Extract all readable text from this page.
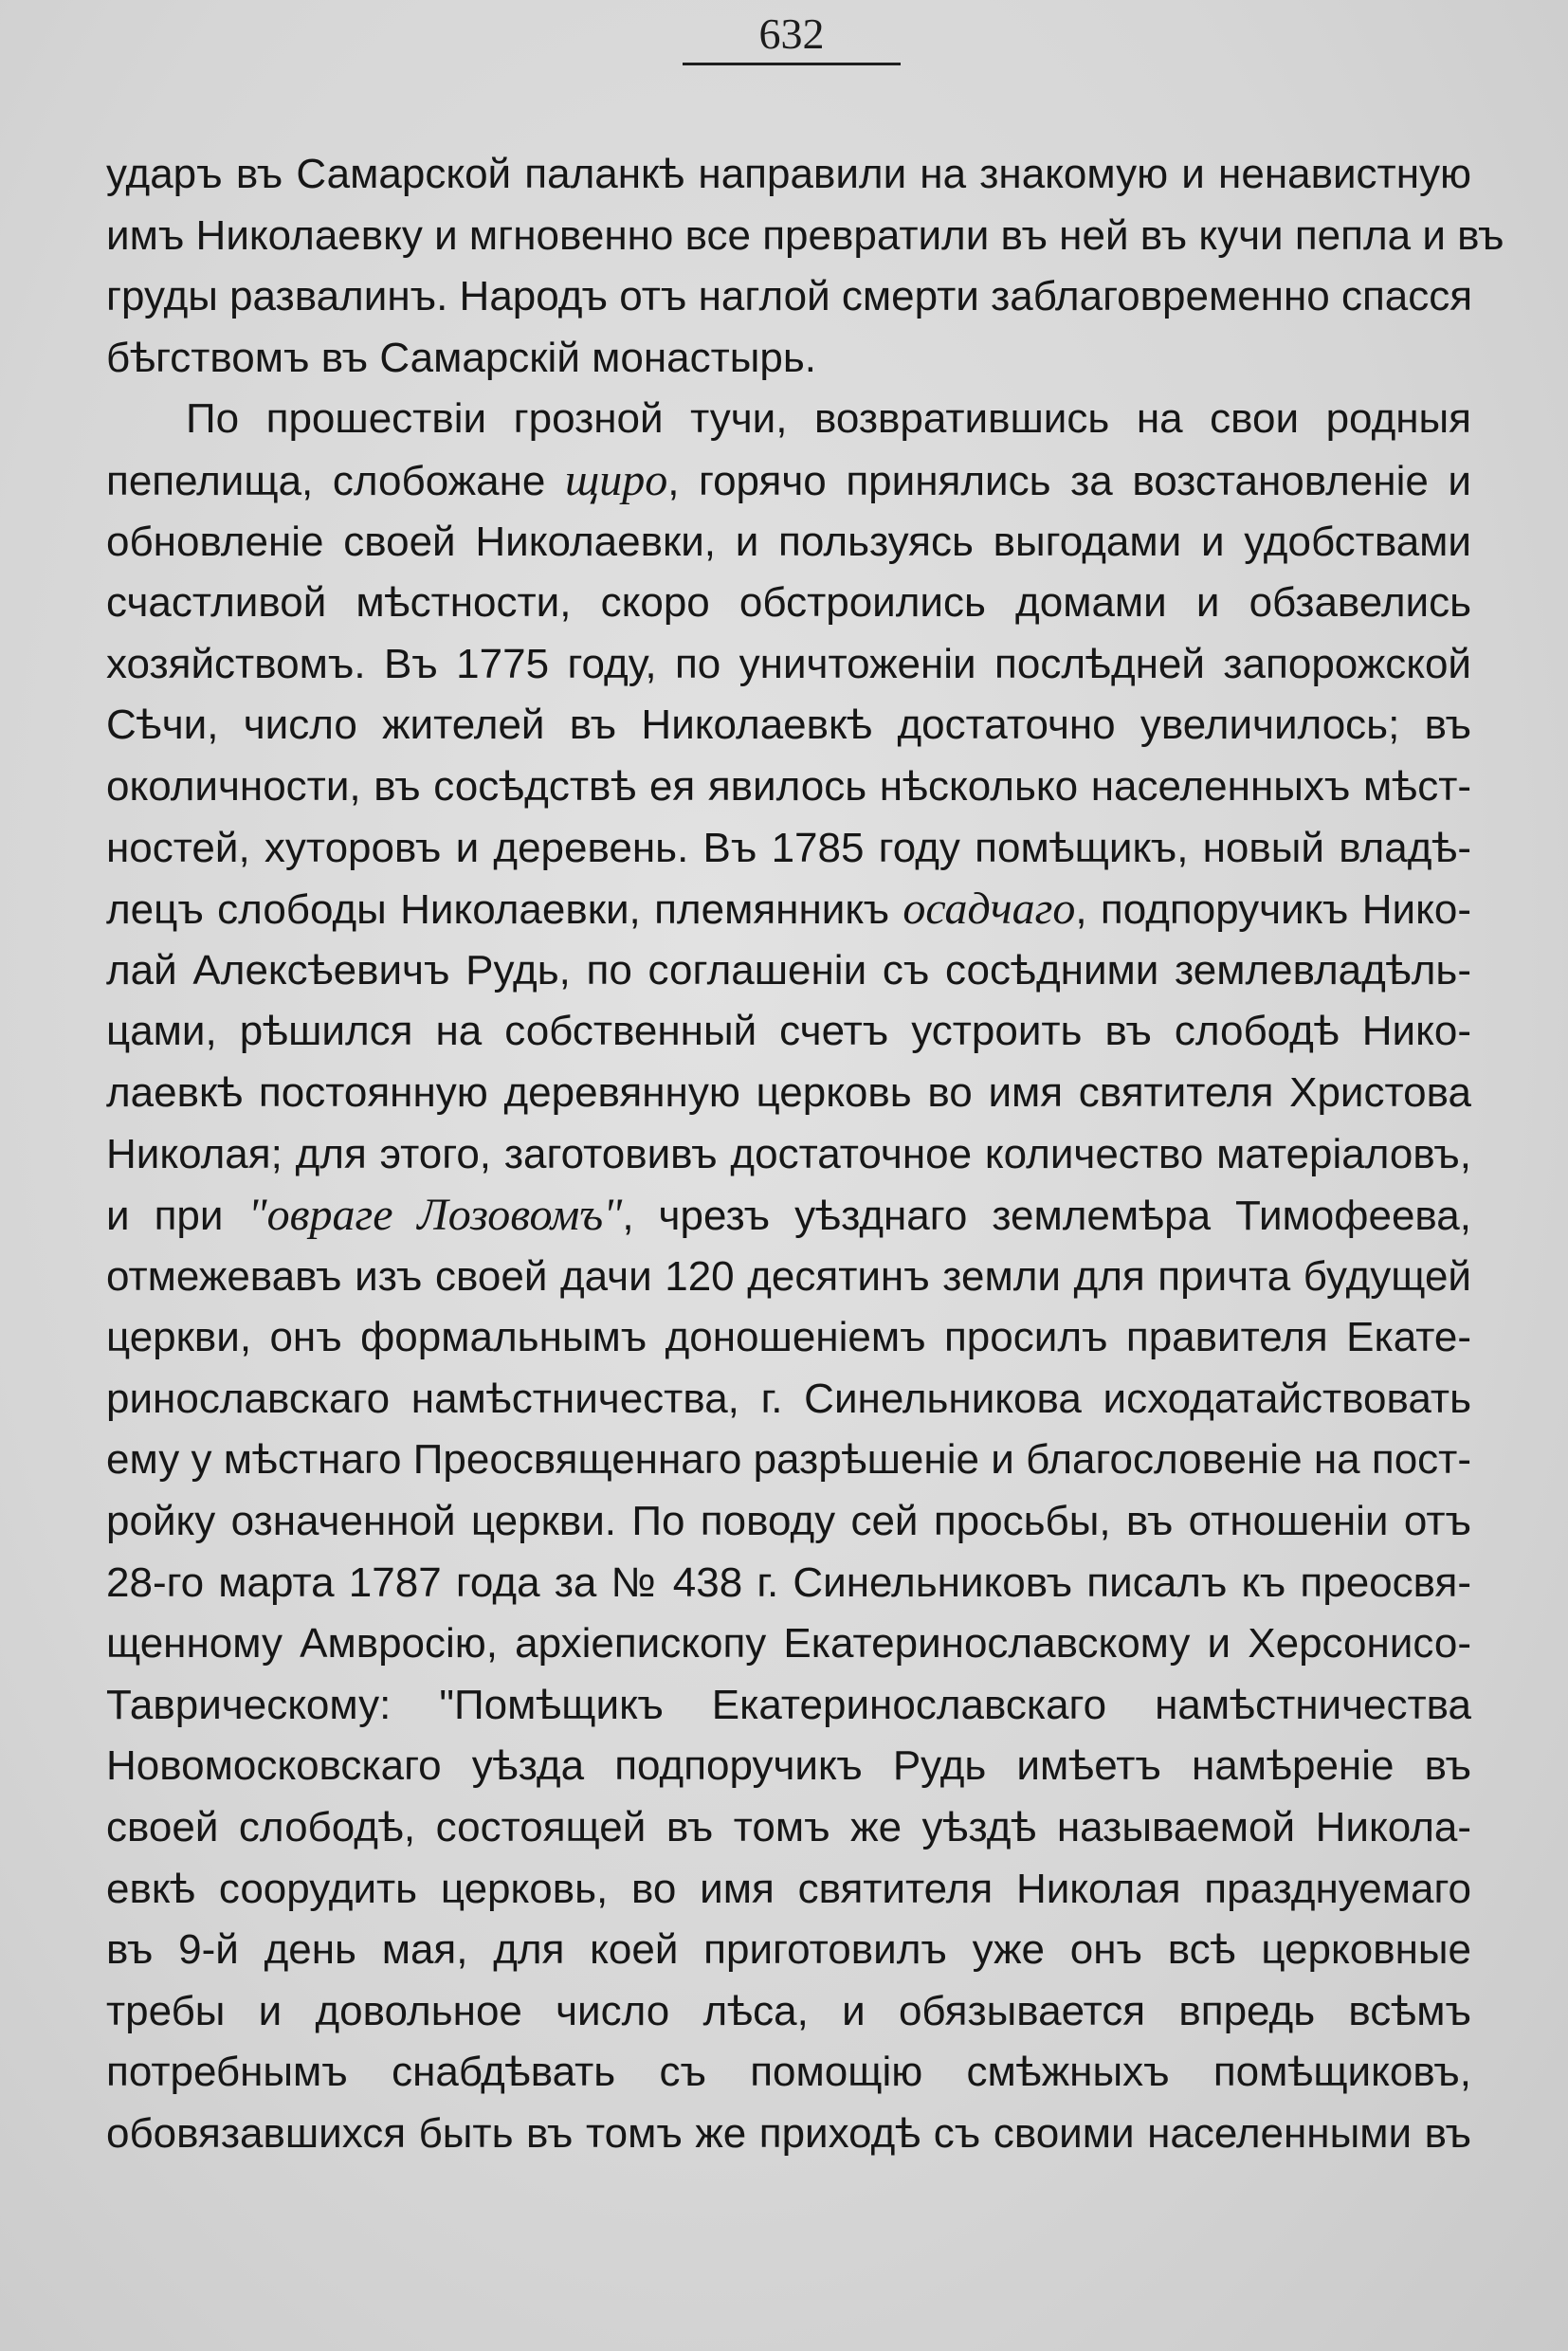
632
ударъ въ Самарской паланкѣ направили на знакомую и ненавистную
имъ Николаевку и мгновенно все превратили въ ней въ кучи пепла и въ
груды развалинъ. Народъ отъ наглой смерти заблаговременно спасся
бѣгствомъ въ Самарскій монастырь.
По прошествіи грозной тучи, возвратившись на свои родныя
пепелища, слобожане щиро, горячо принялись за возстановленіе и
обновленіе своей Николаевки, и пользуясь выгодами и удобствами
счастливой мѣстности, скоро обстроились домами и обзавелись
хозяйствомъ. Въ 1775 году, по уничтоженіи послѣдней запорожской
Сѣчи, число жителей въ Николаевкѣ достаточно увеличилось; въ
околичности, въ сосѣдствѣ ея явилось нѣсколько населенныхъ мѣст-
ностей, хуторовъ и деревень. Въ 1785 году помѣщикъ, новый владѣ-
лецъ слободы Николаевки, племянникъ осадчаго, подпоручикъ Нико-
лай Алексѣевичъ Рудь, по соглашеніи съ сосѣдними землевладѣль-
цами, рѣшился на собственный счетъ устроить въ слободѣ Нико-
лаевкѣ постоянную деревянную церковь во имя святителя Христова
Николая; для этого, заготовивъ достаточное количество матеріаловъ,
и при "овраге Лозовомъ", чрезъ уѣзднаго землемѣра Тимофеева,
отмежевавъ изъ своей дачи 120 десятинъ земли для причта будущей
церкви, онъ формальнымъ доношеніемъ просилъ правителя Екате-
ринославскаго намѣстничества, г. Синельникова исходатайствовать
ему у мѣстнаго Преосвященнаго разрѣшеніе и благословеніе на пост-
ройку означенной церкви. По поводу сей просьбы, въ отношеніи отъ
28-го марта 1787 года за № 438 г. Синельниковъ писалъ къ преосвя-
щенному Амвросію, архіепископу Екатеринославскому и Херсонисо-
Таврическому: "Помѣщикъ Екатеринославскаго намѣстничества
Новомосковскаго уѣзда подпоручикъ Рудь имѣетъ намѣреніе въ
своей слободѣ, состоящей въ томъ же уѣздѣ называемой Николa-
евкѣ соорудить церковь, во имя святителя Николая празднуемаго
въ 9-й день мая, для коей приготовилъ уже онъ всѣ церковные
требы и довольное число лѣса, и обязывается впредь всѣмъ
потребнымъ снабдѣвать съ помощію смѣжныхъ помѣщиковъ,
обовязавшихся быть въ томъ же приходѣ съ своими населенными въ
